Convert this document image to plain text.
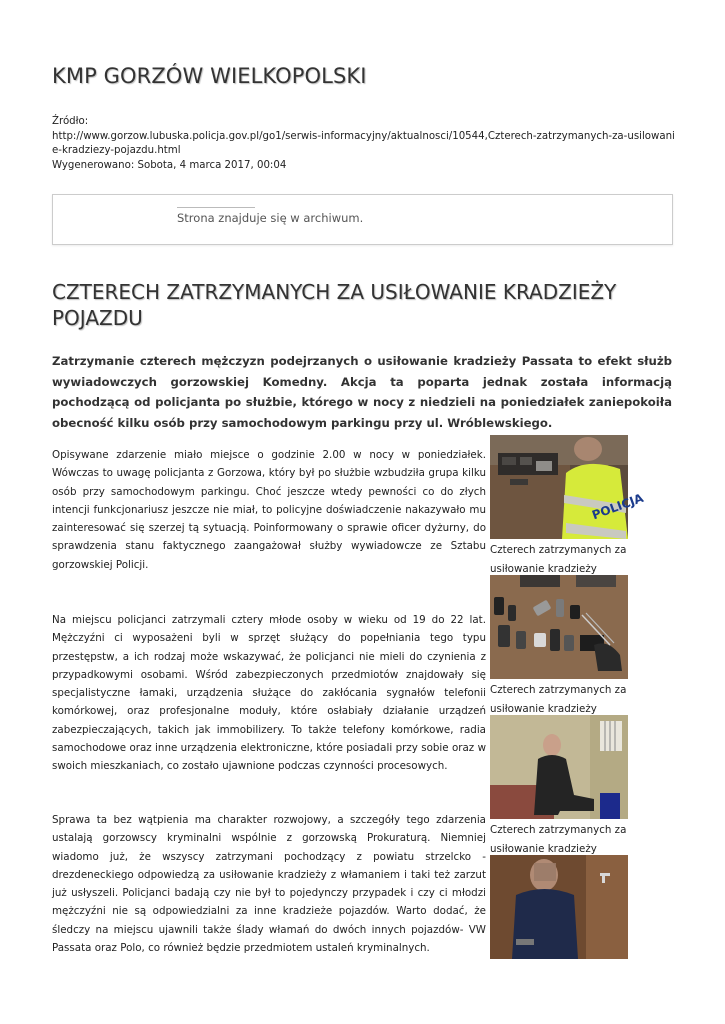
KMP GORZÓW WIELKOPOLSKI
Źródło:
http://www.gorzow.lubuska.policja.gov.pl/go1/serwis-informacyjny/aktualnosci/10544,Czterech-zatrzymanych-za-usilowanie-kradziezy-pojazdu.html
Wygenerowano: Sobota, 4 marca 2017, 00:04
Strona znajduje się w archiwum.
CZTERECH ZATRZYMANYCH ZA USIŁOWANIE KRADZIEŻY POJAZDU

Zatrzymanie czterech mężczyzn podejrzanych o usiłowanie kradzieży Passata to efekt służb wywiadowczych gorzowskiej Komedny. Akcja ta poparta jednak została informacją pochodzącą od policjanta po służbie, którego w nocy z niedzieli na poniedziałek zaniepokoiła obecność kilku osób przy samochodowym parkingu przy ul. Wróblewskiego.

Opisywane zdarzenie miało miejsce o godzinie 2.00 w nocy w poniedziałek. Wówczas to uwagę policjanta z Gorzowa, który był po służbie wzbudziła grupa kilku osób przy samochodowym parkingu. Choć jeszcze wtedy pewności co do złych intencji funkcjonariusz jeszcze nie miał, to policyjne doświadczenie nakazywało mu zainteresować się szerzej tą sytuacją. Poinformowany o sprawie oficer dyżurny, do sprawdzenia stanu faktycznego zaangażował służby wywiadowcze ze Sztabu gorzowskiej Policji.

Na miejscu policjanci zatrzymali cztery młode osoby w wieku od 19 do 22 lat. Mężczyźni ci wyposażeni byli w sprzęt służący do popełniania tego typu przestępstw, a ich rodzaj może wskazywać, że policjanci nie mieli do czynienia z przypadkowymi osobami. Wśród zabezpieczonych przedmiotów znajdowały się specjalistyczne łamaki, urządzenia służące do zakłócania sygnałów telefonii komórkowej, oraz profesjonalne moduły, które osłabiały działanie urządzeń zabezpieczających, takich jak immobilizery. To także telefony komórkowe, radia samochodowe oraz inne urządzenia elektroniczne, które posiadali przy sobie oraz w swoich mieszkaniach, co zostało ujawnione podczas czynności procesowych.

Sprawa ta bez wątpienia ma charakter rozwojowy, a szczegóły tego zdarzenia ustalają gorzowscy kryminalni wspólnie z gorzowską Prokuraturą. Niemniej wiadomo już, że wszyscy zatrzymani pochodzący z powiatu strzelcko - drezdeneckiego odpowiedzą za usiłowanie kradzieży z włamaniem i taki też zarzut już usłyszeli. Policjanci badają czy nie był to pojedynczy przypadek i czy ci młodzi mężczyźni nie są odpowiedzialni za inne kradzieże pojazdów. Warto dodać, że śledczy na miejscu ujawnili także ślady włamań do dwóch innych pojazdów- VW Passata oraz Polo, co również będzie przedmiotem ustaleń kryminalnych.

POLICJA
Czterech zatrzymanych za usiłowanie kradzieży
Czterech zatrzymanych za usiłowanie kradzieży
Czterech zatrzymanych za usiłowanie kradzieży
